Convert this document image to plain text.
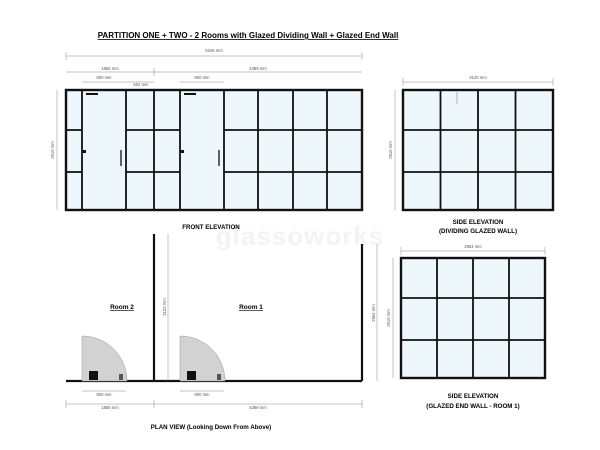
PARTITION ONE + TWO - 2 Rooms with Glazed Dividing Wall + Glazed End Wall
6246 mm
1856 mm	4389 mm
900 mm
502 mm
900 mm
2610 mm
FRONT ELEVATION
3120 mm
2610 mm
SIDE ELEVATION
(DIVIDING GLAZED WALL)
2964 mm
2610 mm
SIDE ELEVATION
(GLAZED END WALL - ROOM 1)
Room 2	Room 1
3120 mm	2964 mm
900 mm	900 mm
1856 mm	4389 mm
PLAN VIEW (Looking Down From Above)
